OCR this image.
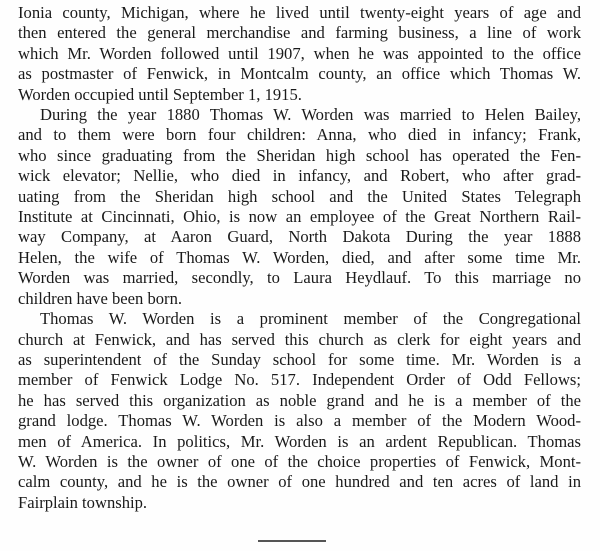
Ionia county, Michigan, where he lived until twenty-eight years of age and
then entered the general merchandise and farming business, a line of work
which Mr. Worden followed until 1907, when he was appointed to the office
as postmaster of Fenwick, in Montcalm county, an office which Thomas W.
Worden occupied until September 1, 1915.

During the year 1880 Thomas W. Worden was married to Helen Bailey,
and to them were born four children: Anna, who died in infancy; Frank,
who since graduating from the Sheridan high school has operated the Fen-
wick elevator; Nellie, who died in infancy, and Robert, who after grad-
uating from the Sheridan high school and the United States Telegraph
Institute at Cincinnati, Ohio, is now an employee of the Great Northern Rail-
way Company, at Aaron Guard, North Dakota During the year 1888
Helen, the wife of Thomas W. Worden, died, and after some time Mr.
Worden was married, secondly, to Laura Heydlauf. To this marriage no
children have been born.

Thomas W. Worden is a prominent member of the Congregational
church at Fenwick, and has served this church as clerk for eight years and
as superintendent of the Sunday school for some time. Mr. Worden is a
member of Fenwick Lodge No. 517. Independent Order of Odd Fellows;
he has served this organization as noble grand and he is a member of the
grand lodge. Thomas W. Worden is also a member of the Modern Wood-
men of America. In politics, Mr. Worden is an ardent Republican. Thomas
W. Worden is the owner of one of the choice properties of Fenwick, Mont-
calm county, and he is the owner of one hundred and ten acres of land in
Fairplain township.
